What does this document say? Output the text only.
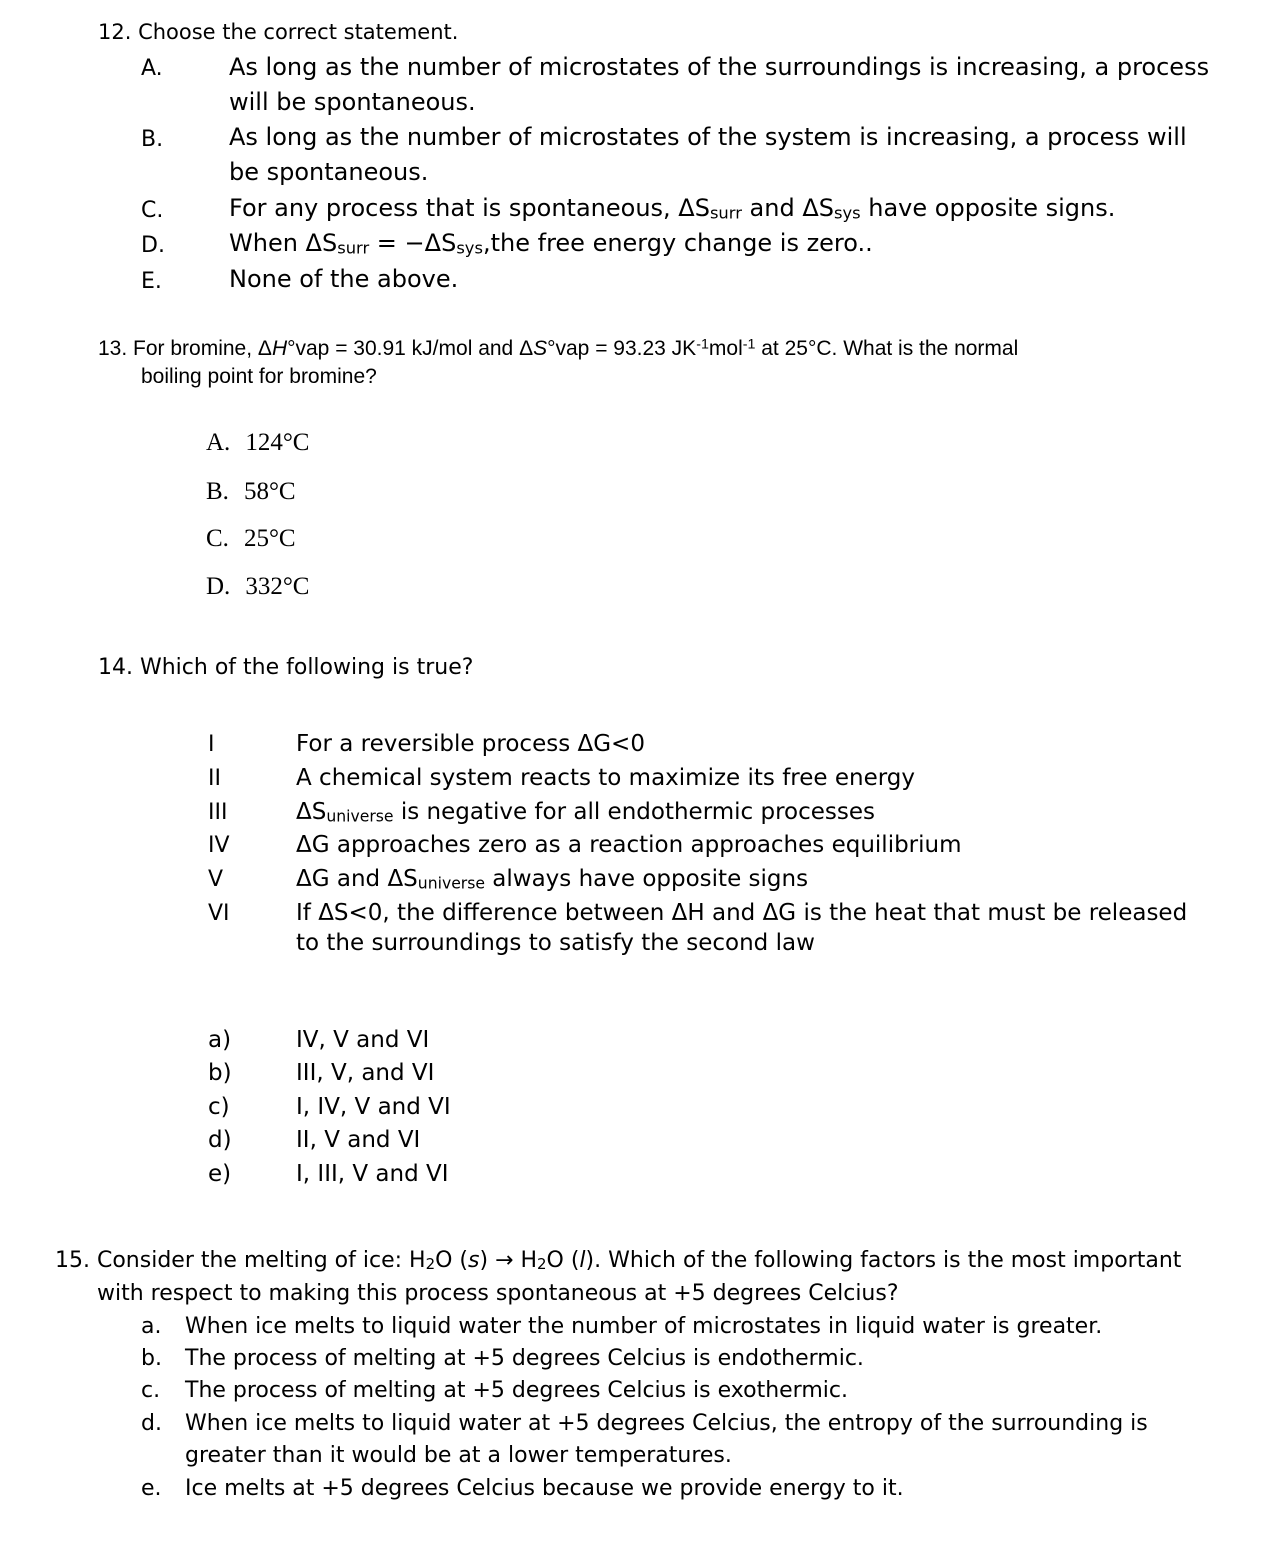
12. Choose the correct statement.
A.	As long as the number of microstates of the surroundings is increasing, a process
will be spontaneous.
B.	As long as the number of microstates of the system is increasing, a process will
be spontaneous.
C.	For any process that is spontaneous, $\Delta S_{surr}$ and $\Delta S_{sys}$ have opposite signs.
D.	When $\Delta S_{surr} = -\Delta S_{sys},the$ free energy change is zero..
E.	None of the above.
13. For bromine, ΔH°vap = 30.91 kJ/mol and ΔS°vap = 93.23 $JK^{-1}mol^{-1}$ at 25°C. What is the normal
boiling point for bromine?
A. 124°C
B. 58°C
C. 25°C
D. 332°C
14. Which of the following is true?
I	For a reversible process ΔG<0
II	A chemical system reacts to maximize its free energy
III	$\Delta S_{universe}$ is negative for all endothermic processes
IV	ΔG approaches zero as a reaction approaches equilibrium
V	ΔG and $\Delta S_{universe}$ always have opposite signs
VI	If ΔS<0, the difference between ΔH and ΔG is the heat that must be released
to the surroundings to satisfy the second law
a)	IV, V and VI
b)	III, V, and VI
c)	I, IV, V and VI
d)	II, V and VI
e)	I, III, V and VI
15. Consider the melting of ice: $H_2O$ $(s) \to H_2O$ (l). Which of the following factors is the most important
with respect to making this process spontaneous at +5 degrees Celcius?
a. When ice melts to liquid water the number of microstates in liquid water is greater.
b. The process of melting at +5 degrees Celcius is endothermic.
c. The process of melting at +5 degrees Celcius is exothermic.
d. When ice melts to liquid water at +5 degrees Celcius, the entropy of the surrounding is
greater than it would be at a lower temperatures.
e. Ice melts at +5 degrees Celcius because we provide energy to it.
